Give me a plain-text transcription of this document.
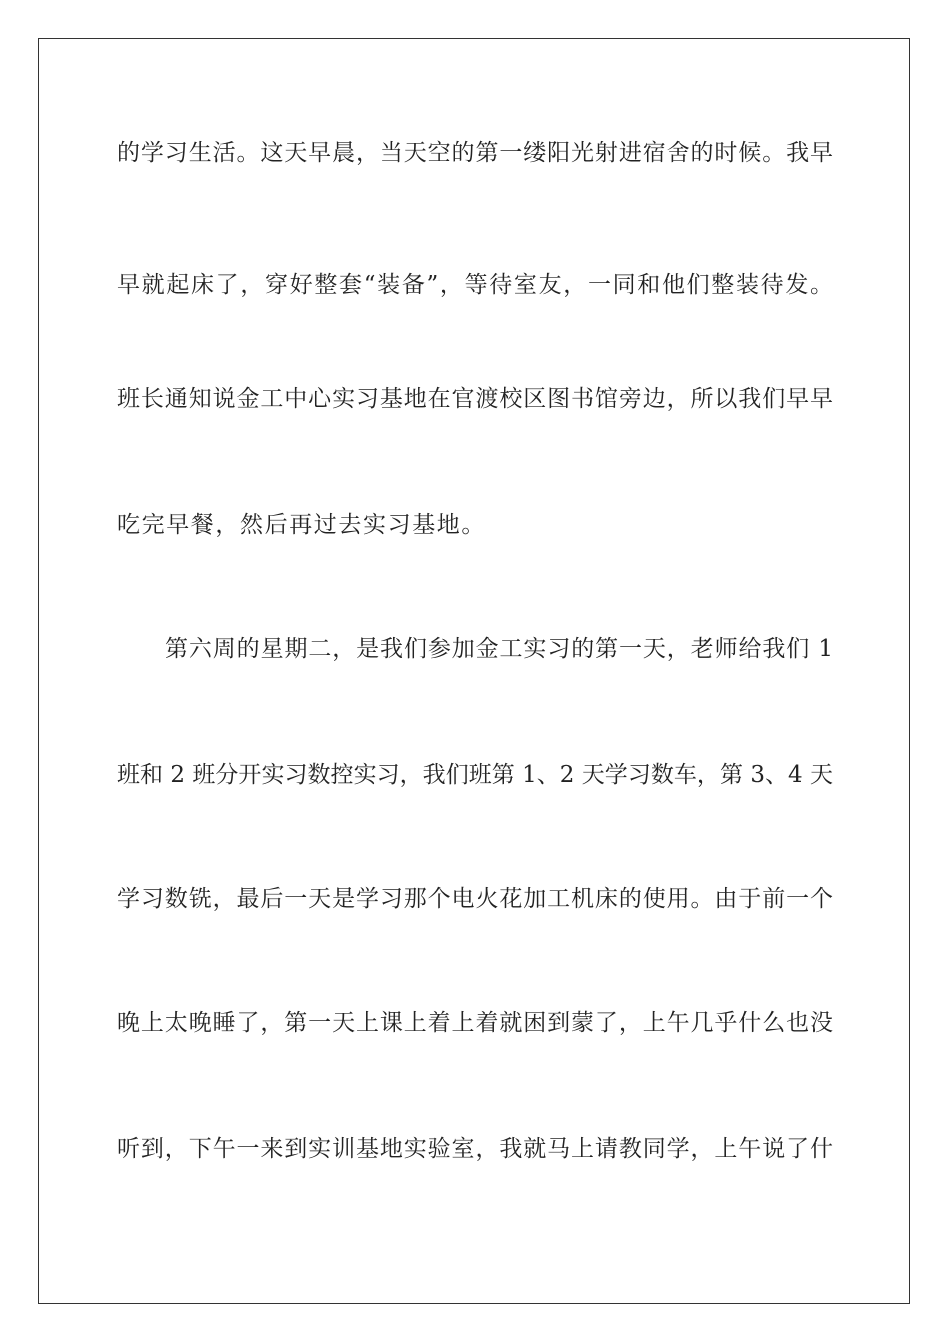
的学习生活。这天早晨，当天空的第一缕阳光射进宿舍的时候。我早

早就起床了，穿好整套“装备”，等待室友，一同和他们整装待发。

班长通知说金工中心实习基地在官渡校区图书馆旁边，所以我们早早

吃完早餐，然后再过去实习基地。

第六周的星期二，是我们参加金工实习的第一天，老师给我们 1

班和 2 班分开实习数控实习，我们班第 1、2 天学习数车，第 3、4 天

学习数铣，最后一天是学习那个电火花加工机床的使用。由于前一个

晚上太晚睡了，第一天上课上着上着就困到蒙了，上午几乎什么也没

听到，下午一来到实训基地实验室，我就马上请教同学，上午说了什
